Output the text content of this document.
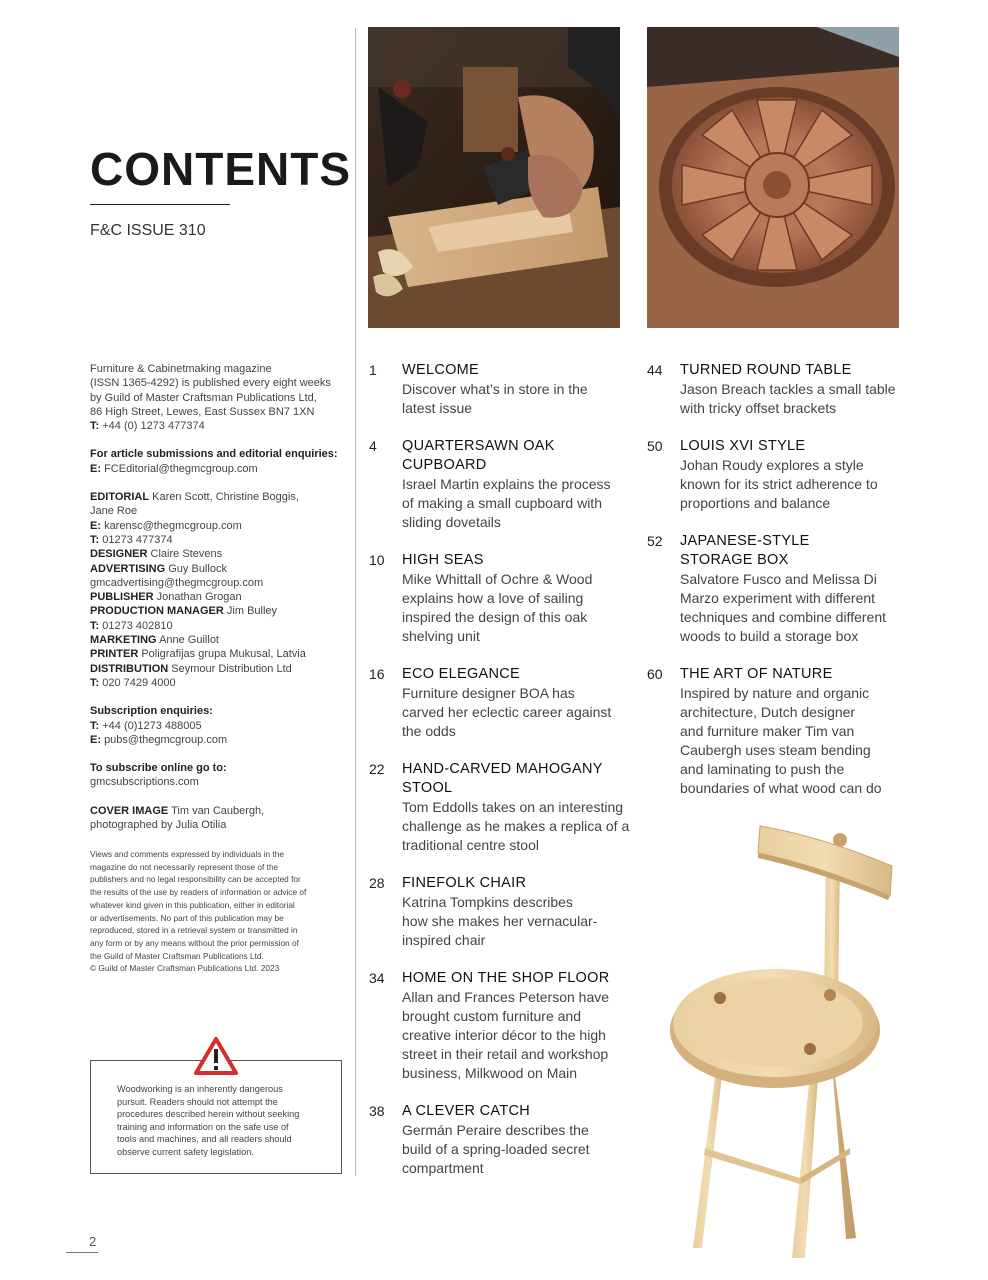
CONTENTS
F&C ISSUE 310
Furniture & Cabinetmaking magazine
(ISSN 1365-4292) is published every eight weeks
by Guild of Master Craftsman Publications Ltd,
86 High Street, Lewes, East Sussex BN7 1XN
T: +44 (0) 1273 477374
For article submissions and editorial enquiries:
E: FCEditorial@thegmcgroup.com
EDITORIAL Karen Scott, Christine Boggis,
Jane Roe
E: karensc@thegmcgroup.com
T: 01273 477374
DESIGNER Claire Stevens
ADVERTISING Guy Bullock
gmcadvertising@thegmcgroup.com
PUBLISHER Jonathan Grogan
PRODUCTION MANAGER Jim Bulley
T: 01273 402810
MARKETING Anne Guillot
PRINTER Poligrafijas grupa Mukusal, Latvia
DISTRIBUTION Seymour Distribution Ltd
T: 020 7429 4000
Subscription enquiries:
T: +44 (0)1273 488005
E: pubs@thegmcgroup.com
To subscribe online go to:
gmcsubscriptions.com
COVER IMAGE Tim van Caubergh,
photographed by Julia Otilia
Views and comments expressed by individuals in the
magazine do not necessarily represent those of the
publishers and no legal responsibility can be accepted for
the results of the use by readers of information or advice of
whatever kind given in this publication, either in editorial
or advertisements. No part of this publication may be
reproduced, stored in a retrieval system or transmitted in
any form or by any means without the prior permission of
the Guild of Master Craftsman Publications Ltd.
© Guild of Master Craftsman Publications Ltd. 2023
Woodworking is an inherently dangerous
pursuit. Readers should not attempt the
procedures described herein without seeking
training and information on the safe use of
tools and machines, and all readers should
observe current safety legislation.
2
1 WELCOME
Discover what’s in store in the
latest issue
4 QUARTERSAWN OAK
CUPBOARD
Israel Martin explains the process
of making a small cupboard with
sliding dovetails
10 HIGH SEAS
Mike Whittall of Ochre & Wood
explains how a love of sailing
inspired the design of this oak
shelving unit
16 ECO ELEGANCE
Furniture designer BOA has
carved her eclectic career against
the odds
22 HAND-CARVED MAHOGANY
STOOL
Tom Eddolls takes on an interesting
challenge as he makes a replica of a
traditional centre stool
28 FINEFOLK CHAIR
Katrina Tompkins describes
how she makes her vernacular-
inspired chair
34 HOME ON THE SHOP FLOOR
Allan and Frances Peterson have
brought custom furniture and
creative interior décor to the high
street in their retail and workshop
business, Milkwood on Main
38 A CLEVER CATCH
Germán Peraire describes the
build of a spring-loaded secret
compartment
44 TURNED ROUND TABLE
Jason Breach tackles a small table
with tricky offset brackets
50 LOUIS XVI STYLE
Johan Roudy explores a style
known for its strict adherence to
proportions and balance
52 JAPANESE-STYLE
STORAGE BOX
Salvatore Fusco and Melissa Di
Marzo experiment with different
techniques and combine different
woods to build a storage box
60 THE ART OF NATURE
Inspired by nature and organic
architecture, Dutch designer
and furniture maker Tim van
Caubergh uses steam bending
and laminating to push the
boundaries of what wood can do
